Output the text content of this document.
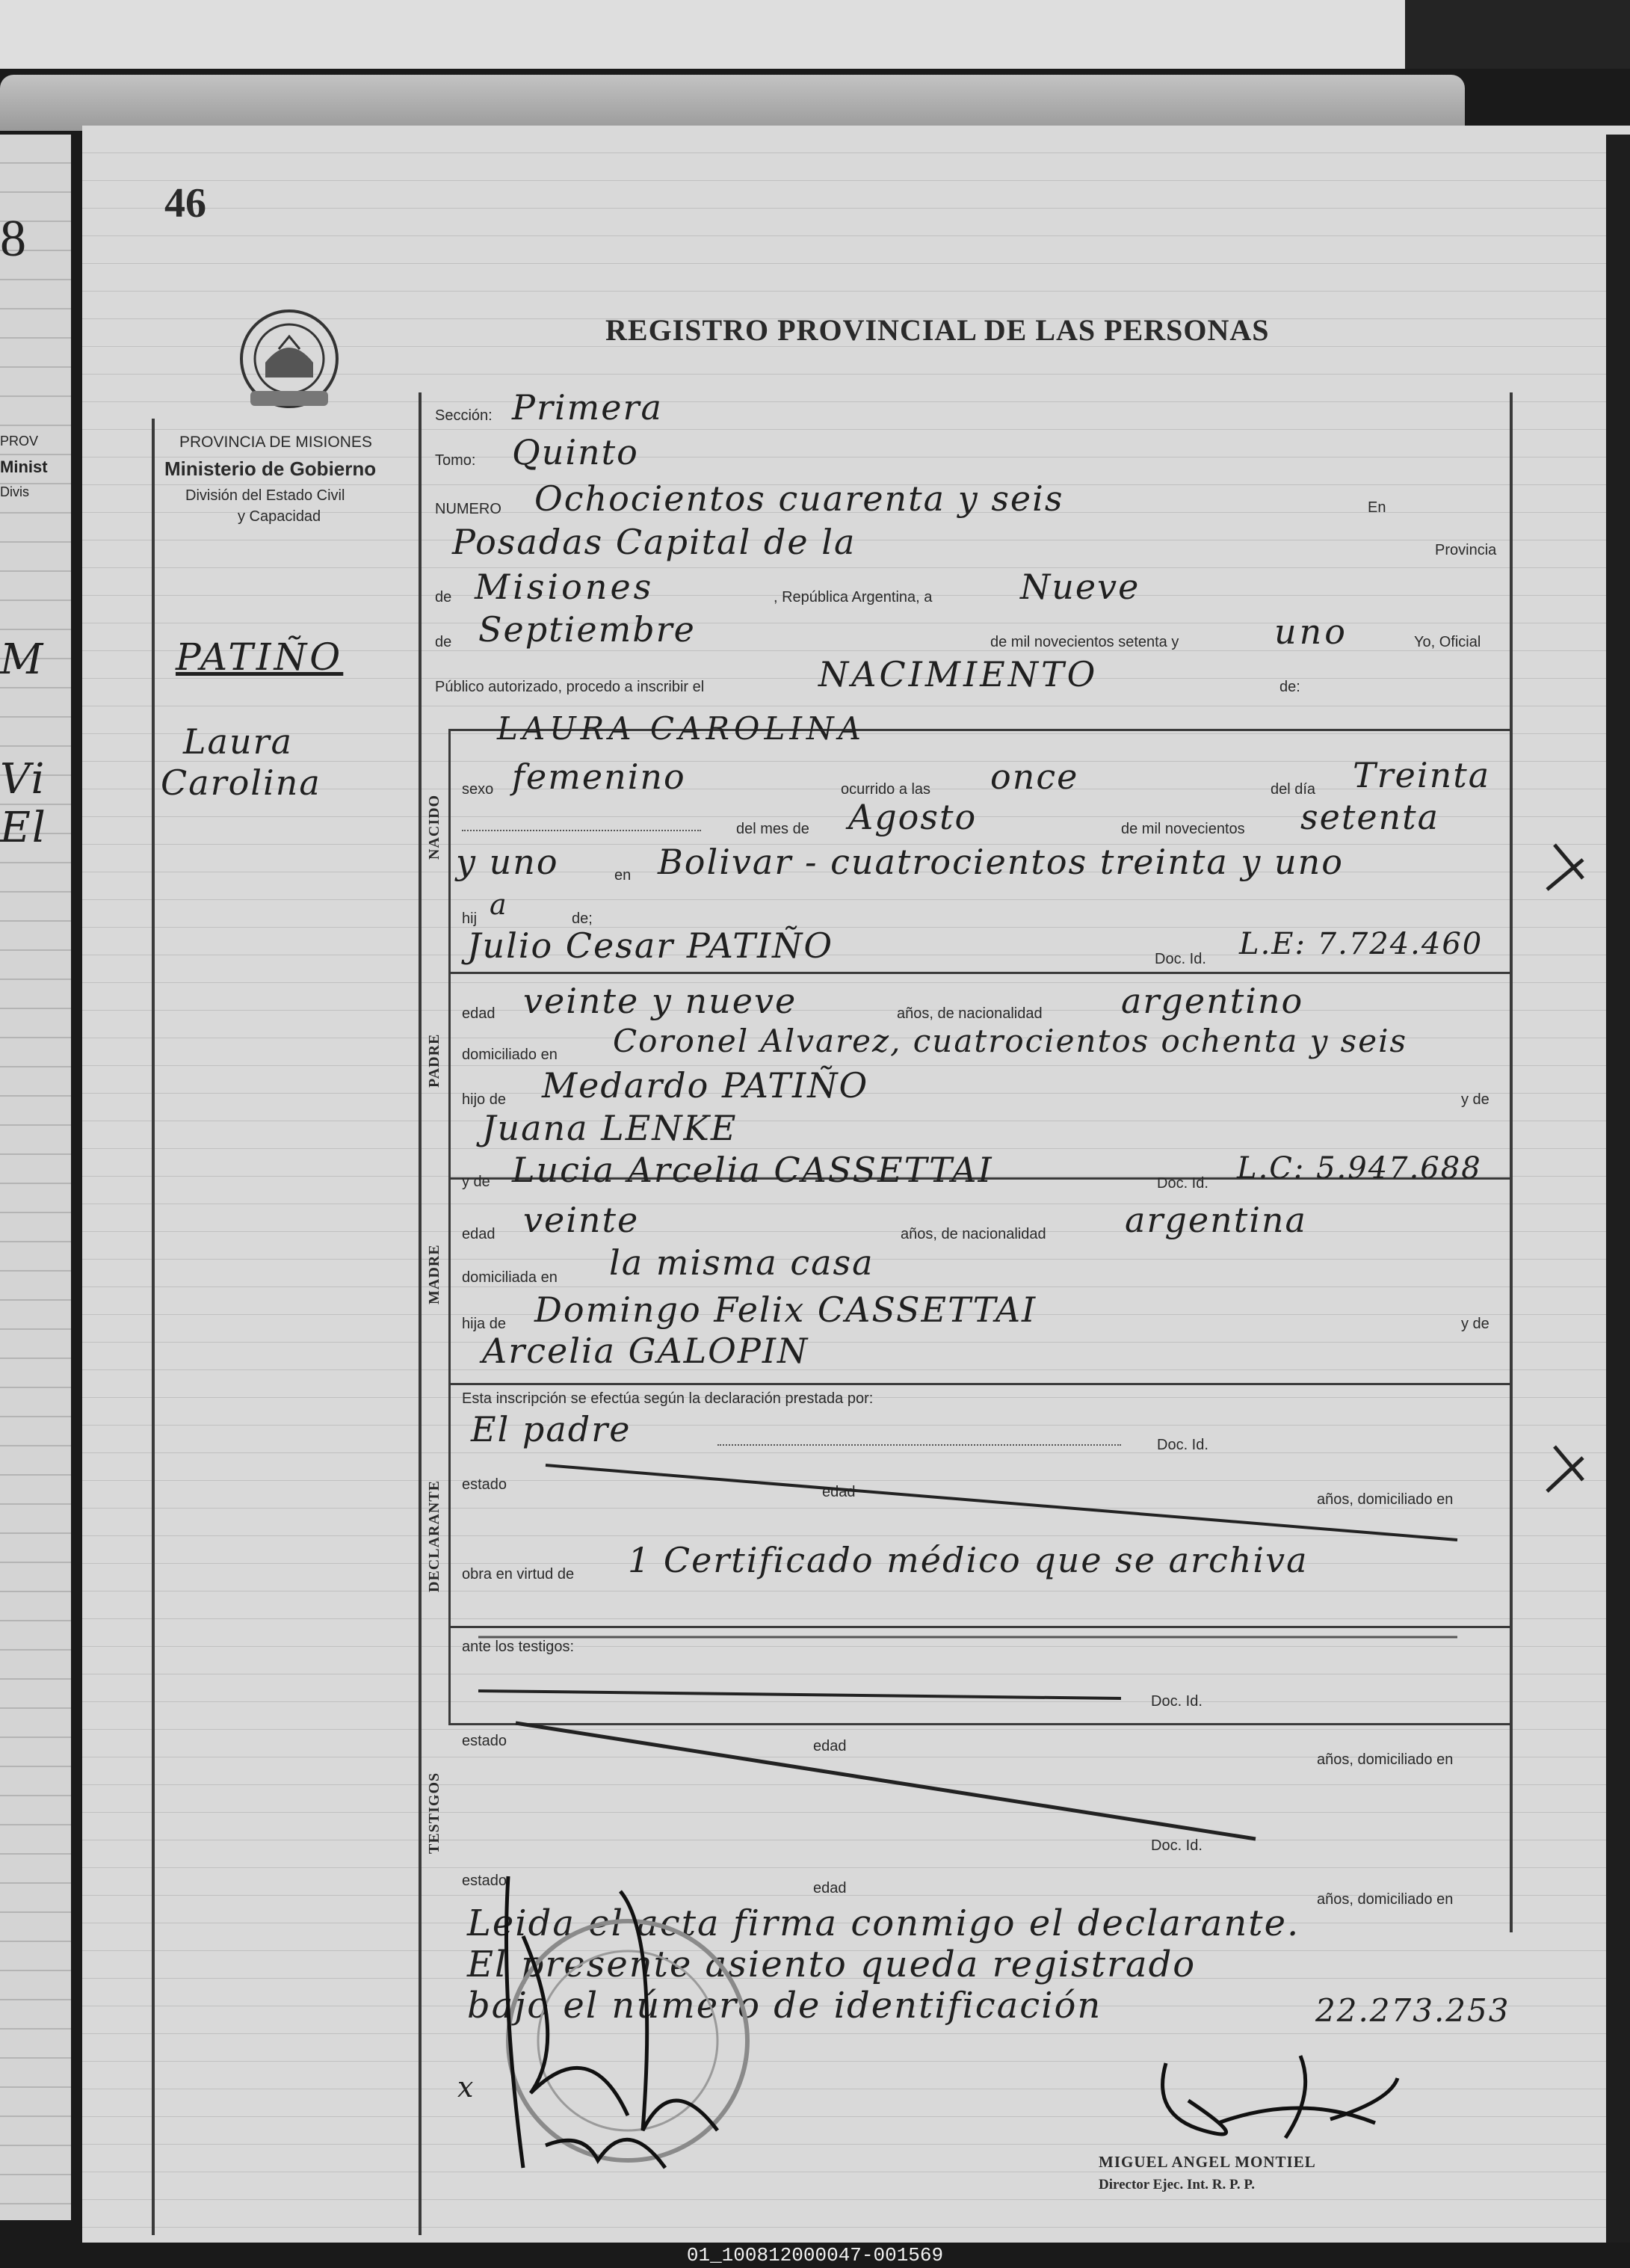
8
PROV
Minist
Divis
M
Vi
El
46
REGISTRO PROVINCIAL DE LAS PERSONAS
PROVINCIA DE MISIONES
Ministerio de Gobierno
División del Estado Civil
y Capacidad
PATIÑO
Laura
Carolina
NACIDO
PADRE
MADRE
DECLARANTE
TESTIGOS
Sección: Primera
Tomo: Quinto
NUMERO Ochocientos cuarenta y seis	En
Posadas Capital de la	Provincia
de Misiones	, República Argentina, a	Nueve
de Septiembre	de mil novecientos setenta y	uno	Yo, Oficial
Público autorizado, procedo a inscribir el	NACIMIENTO	de:
LAURA CAROLINA
sexo femenino	ocurrido a las once	del día Treinta
del mes de Agosto	de mil novecientos setenta
y uno	en Bolivar - cuatrocientos treinta y uno
hij a	de;
Julio Cesar PATIÑO	Doc. Id. L.E: 7.724.460
edad veinte y nueve	años, de nacionalidad argentino
domiciliado en Coronel Alvarez, cuatrocientos ochenta y seis
hijo de Medardo PATIÑO	y de
Juana LENKE
y de Lucia Arcelia CASSETTAI	Doc. Id. L.C: 5.947.688
edad veinte	años, de nacionalidad argentina
domiciliada en la misma casa
hija de Domingo Felix CASSETTAI	y de
Arcelia GALOPIN
Esta inscripción se efectúa según la declaración prestada por:
El padre	Doc. Id.
estado	edad	años, domiciliado en
obra en virtud de 1 Certificado médico que se archiva
ante los testigos:
Doc. Id.
estado	edad
años, domiciliado en
Doc. Id.
estado	edad
años, domiciliado en
Leida el acta firma conmigo el declarante.
El presente asiento queda registrado
bajo el número de identificación	22.273.253
x
MIGUEL ANGEL MONTIEL
Director Ejec. Int. R. P. P.
01_100812000047-001569
